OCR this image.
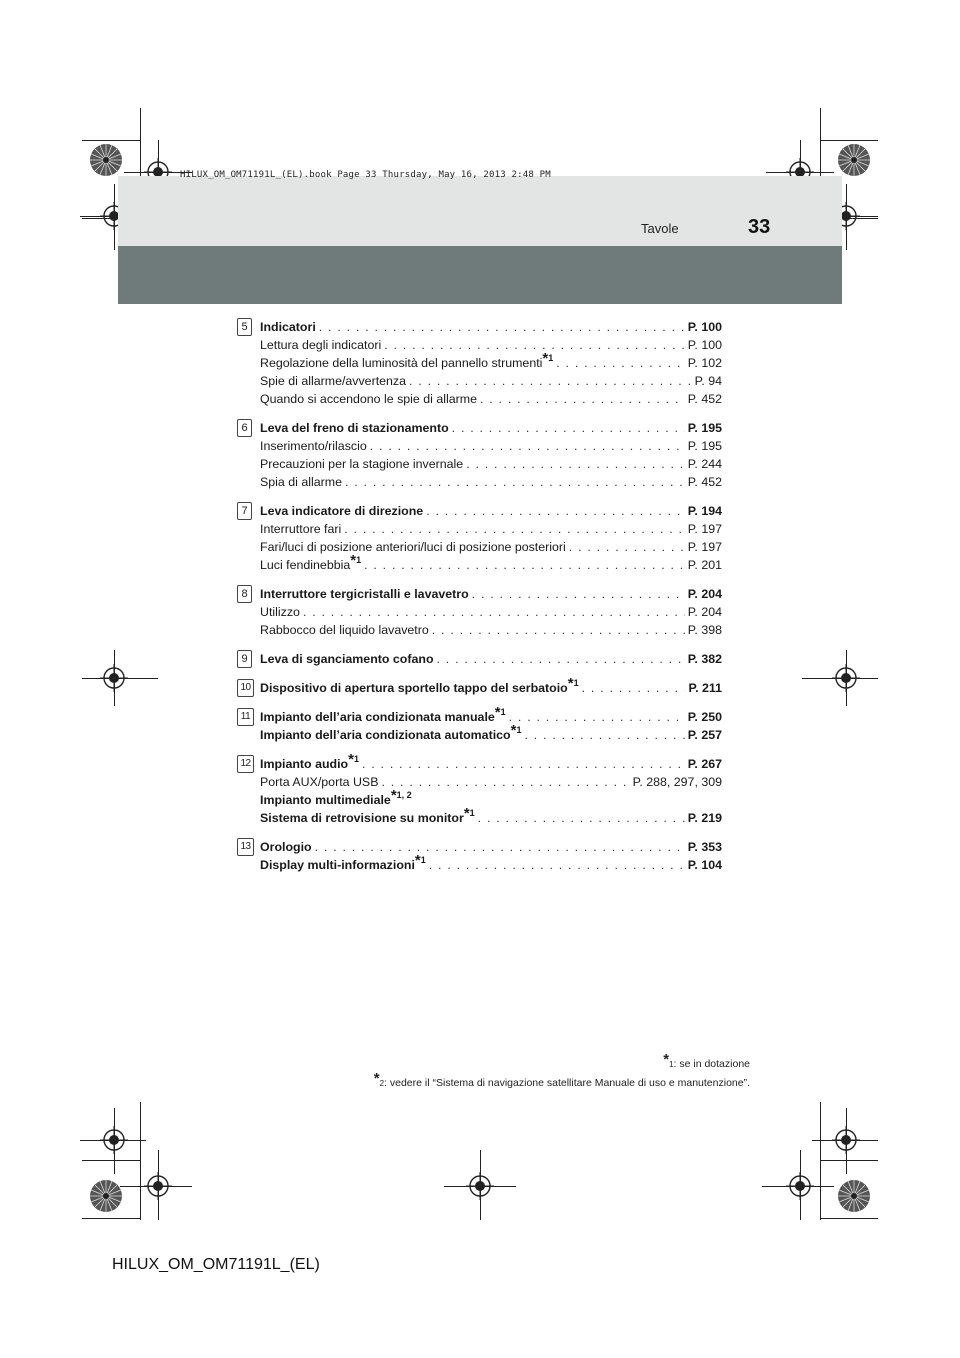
HILUX_OM_OM71191L_(EL).book Page 33 Thursday, May 16, 2013 2:48 PM
Tavole	33
5	Indicatori . . .	P. 100
Lettura degli indicatori . . .	P. 100
Regolazione della luminosità del pannello strumenti*$^1$ . . .	P. 102
Spie di allarme/avvertenza . . .	P. 94
Quando si accendono le spie di allarme . . .	P. 452
6	Leva del freno di stazionamento . . .	P. 195
Inserimento/rilascio . . .	P. 195
Precauzioni per la stagione invernale . . .	P. 244
Spia di allarme . . .	P. 452
7	Leva indicatore di direzione . . .	P. 194
Interruttore fari . . .	P. 197
Fari/luci di posizione anteriori/luci di posizione posteriori . . .	P. 197
Luci fendinebbia*$^1$ . . .	P. 201
8	Interruttore tergicristalli e lavavetro . . .	P. 204
Utilizzo . . .	P. 204
Rabbocco del liquido lavavetro . . .	P. 398
9	Leva di sganciamento cofano . . .	P. 382
10 Dispositivo di apertura sportello tappo del serbatoio*$^1$ . . .	P. 211
11 Impianto dell’aria condizionata manuale*$^1$ . . .	P. 250
Impianto dell’aria condizionata automatico*$^1$ . . .	P. 257
12 Impianto audio*$^1$ . . .	P. 267
Porta AUX/porta USB . . .	P. 288, 297, 309
Impianto multimediale*$^{1, 2}$
Sistema di retrovisione su monitor*$^1$ . . .	P. 219
13 Orologio . . .	P. 353
Display multi-informazioni*$^1$ . . .	P. 104
*1: se in dotazione
*2: vedere il “Sistema di navigazione satellitare Manuale di uso e manutenzione”.
HILUX_OM_OM71191L_(EL)
